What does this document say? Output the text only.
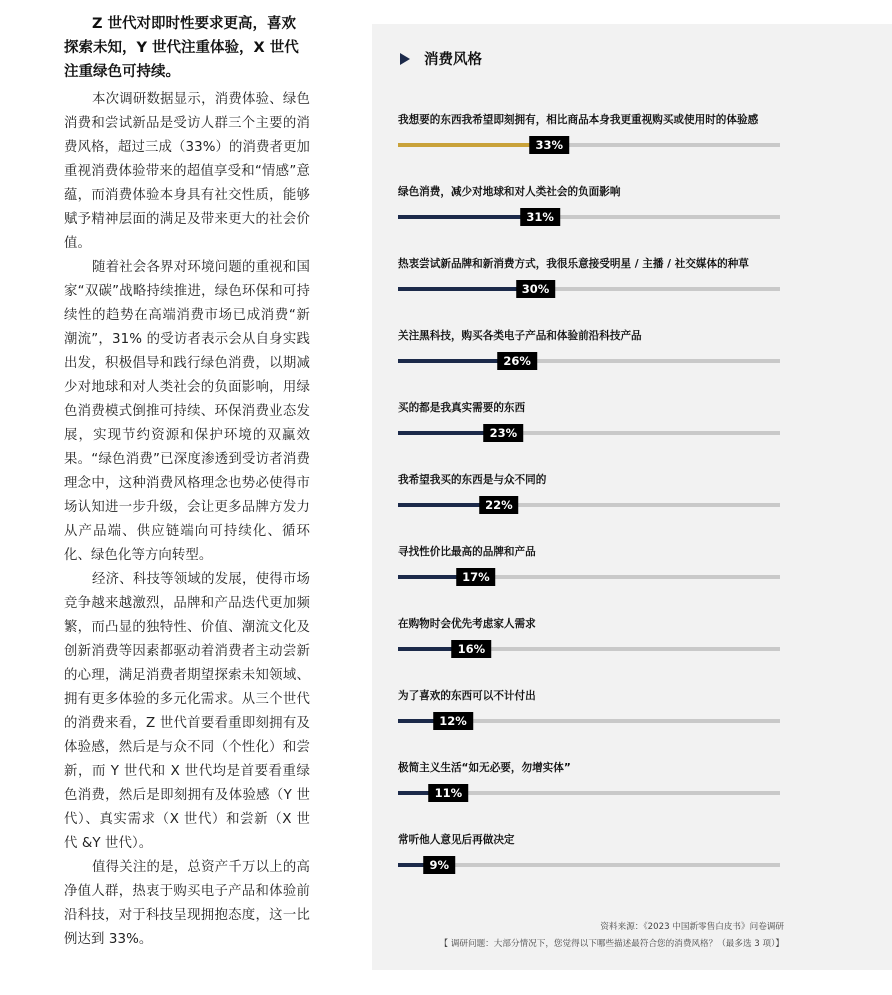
Z 世代对即时性要求更高，喜欢探索未知，Y 世代注重体验，X 世代注重绿色可持续。

本次调研数据显示，消费体验、绿色消费和尝试新品是受访人群三个主要的消费风格，超过三成（33%）的消费者更加重视消费体验带来的超值享受和“情感”意蕴，而消费体验本身具有社交性质，能够赋予精神层面的满足及带来更大的社会价值。

随着社会各界对环境问题的重视和国家“双碳”战略持续推进，绿色环保和可持续性的趋势在高端消费市场已成消费“新潮流”，31% 的受访者表示会从自身实践出发，积极倡导和践行绿色消费，以期减少对地球和对人类社会的负面影响，用绿色消费模式倒推可持续、环保消费业态发展，实现节约资源和保护环境的双赢效果。“绿色消费”已深度渗透到受访者消费理念中，这种消费风格理念也势必使得市场认知进一步升级，会让更多品牌方发力从产品端、供应链端向可持续化、循环化、绿色化等方向转型。

经济、科技等领域的发展，使得市场竞争越来越激烈，品牌和产品迭代更加频繁，而凸显的独特性、价值、潮流文化及创新消费等因素都驱动着消费者主动尝新的心理，满足消费者期望探索未知领域、拥有更多体验的多元化需求。从三个世代的消费来看，Z 世代首要看重即刻拥有及体验感，然后是与众不同（个性化）和尝新，而 Y 世代和 X 世代均是首要看重绿色消费，然后是即刻拥有及体验感（Y 世代）、真实需求（X 世代）和尝新（X 世代 &Y 世代）。

值得关注的是，总资产千万以上的高净值人群，热衷于购买电子产品和体验前沿科技，对于科技呈现拥抱态度，这一比例达到 33%。

消费风格
我想要的东西我希望即刻拥有，相比商品本身我更重视购买或使用时的体验感
33%
绿色消费，减少对地球和对人类社会的负面影响
31%
热衷尝试新品牌和新消费方式，我很乐意接受明星 / 主播 / 社交媒体的种草
30%
关注黑科技，购买各类电子产品和体验前沿科技产品
26%
买的都是我真实需要的东西
23%
我希望我买的东西是与众不同的
22%
寻找性价比最高的品牌和产品
17%
在购物时会优先考虑家人需求
16%
为了喜欢的东西可以不计付出
12%
极简主义生活“如无必要，勿增实体”
11%
常听他人意见后再做决定
9%
资料来源：《2023 中国新零售白皮书》问卷调研
【 调研问题：大部分情况下，您觉得以下哪些描述最符合您的消费风格？（最多选 3 项）】
